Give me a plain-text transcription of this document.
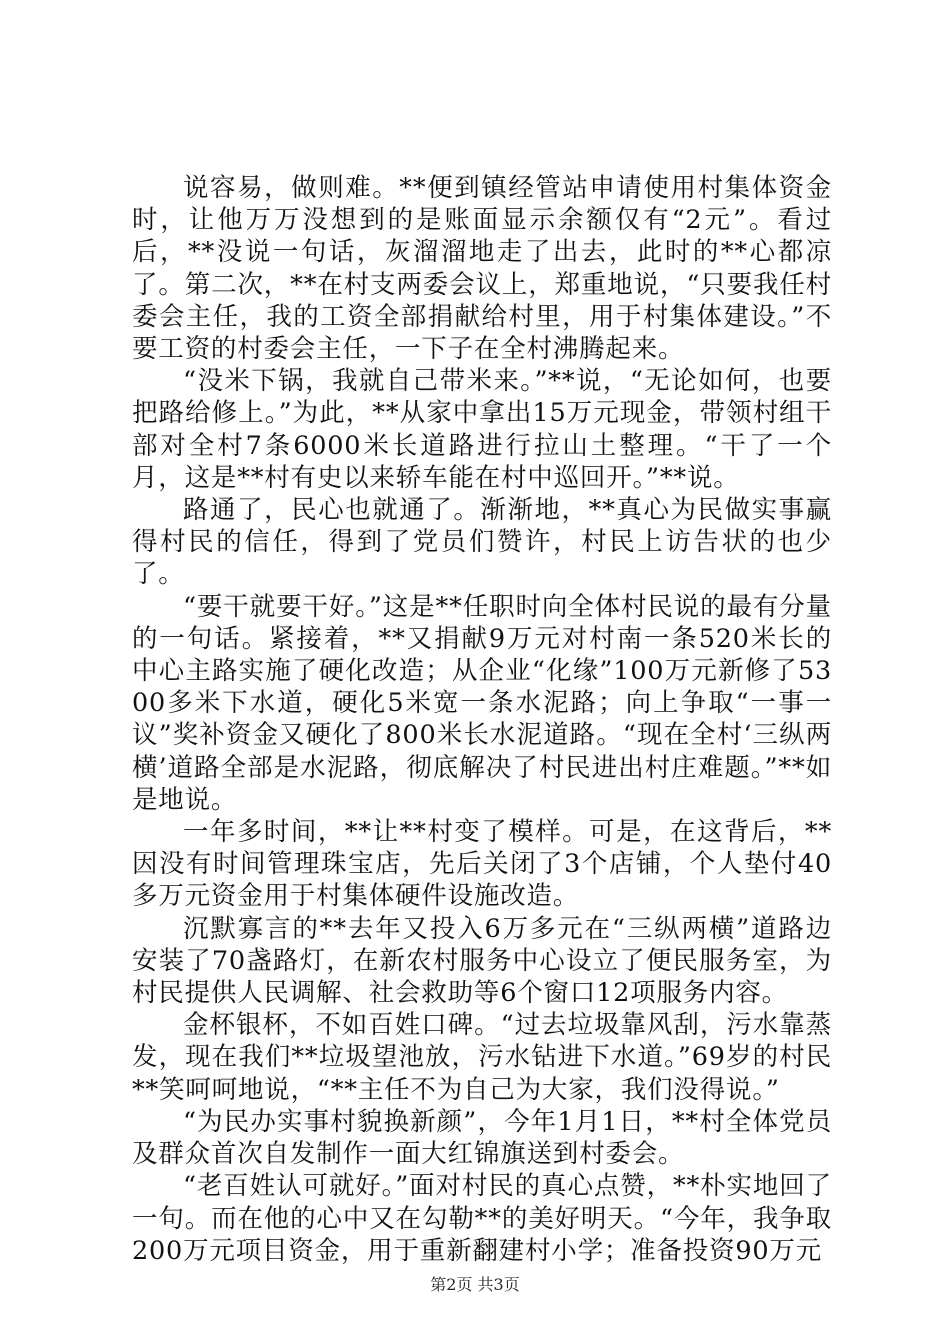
说容易，做则难。**便到镇经管站申请使用村集体资金时，让他万万没想到的是账面显示余额仅有“2元”。看过后，**没说一句话，灰溜溜地走了出去，此时的**心都凉了。第二次，**在村支两委会议上，郑重地说，“只要我任村委会主任，我的工资全部捐献给村里，用于村集体建设。”不要工资的村委会主任，一下子在全村沸腾起来。

“没米下锅，我就自己带米来。”**说，“无论如何，也要把路给修上。”为此，**从家中拿出15万元现金，带领村组干部对全村7条6000米长道路进行拉山土整理。“干了一个月，这是**村有史以来轿车能在村中巡回开。”**说。

路通了，民心也就通了。渐渐地，**真心为民做实事赢得村民的信任，得到了党员们赞许，村民上访告状的也少了。

“要干就要干好。”这是**任职时向全体村民说的最有分量的一句话。紧接着，**又捐献9万元对村南一条520米长的中心主路实施了硬化改造；从企业“化缘”100万元新修了5300多米下水道，硬化5米宽一条水泥路；向上争取“一事一议”奖补资金又硬化了800米长水泥道路。“现在全村‘三纵两横’道路全部是水泥路，彻底解决了村民进出村庄难题。”**如是地说。

一年多时间，**让**村变了模样。可是，在这背后，**因没有时间管理珠宝店，先后关闭了3个店铺，个人垫付40多万元资金用于村集体硬件设施改造。

沉默寡言的**去年又投入6万多元在“三纵两横”道路边安装了70盏路灯，在新农村服务中心设立了便民服务室，为村民提供人民调解、社会救助等6个窗口12项服务内容。

金杯银杯，不如百姓口碑。“过去垃圾靠风刮，污水靠蒸发，现在我们**垃圾望池放，污水钻进下水道。”69岁的村民**笑呵呵地说，“**主任不为自己为大家，我们没得说。”

“为民办实事村貌换新颜”，今年1月1日，**村全体党员及群众首次自发制作一面大红锦旗送到村委会。

“老百姓认可就好。”面对村民的真心点赞，**朴实地回了一句。而在他的心中又在勾勒**的美好明天。“今年，我争取200万元项目资金，用于重新翻建村小学；准备投资90万元

第2页 共3页
